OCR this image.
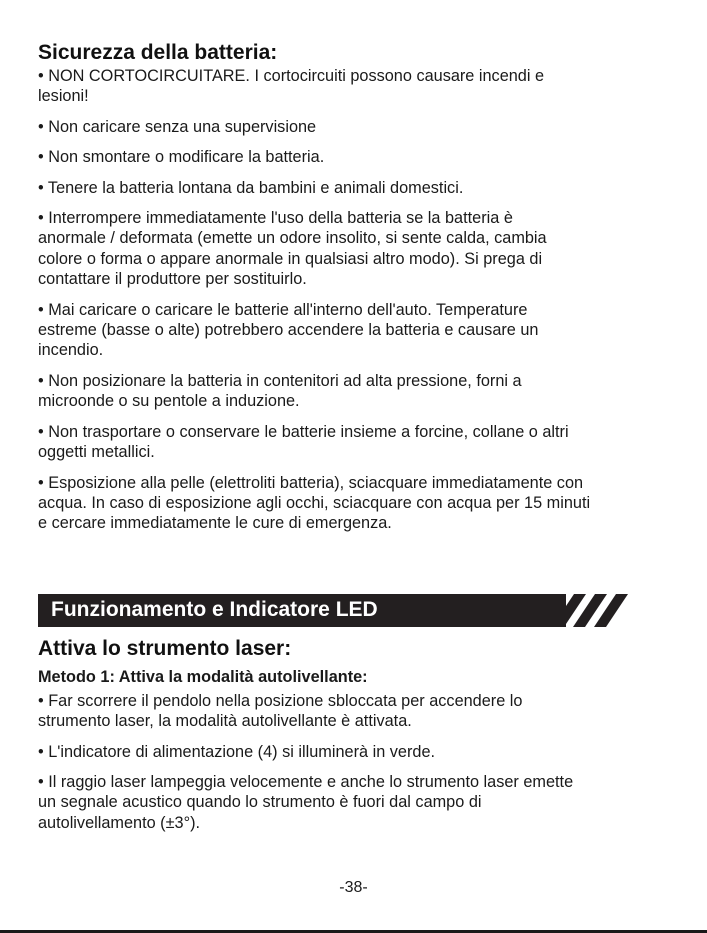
Sicurezza della batteria:

• NON CORTOCIRCUITARE. I cortocircuiti possono causare incendi e
lesioni!

• Non caricare senza una supervisione

• Non smontare o modificare la batteria.

• Tenere la batteria lontana da bambini e animali domestici.

• Interrompere immediatamente l'uso della batteria se la batteria è
anormale / deformata (emette un odore insolito, si sente calda, cambia
colore o forma o appare anormale in qualsiasi altro modo). Si prega di
contattare il produttore per sostituirlo.

• Mai caricare o caricare le batterie all'interno dell'auto. Temperature
estreme (basse o alte) potrebbero accendere la batteria e causare un
incendio.

• Non posizionare la batteria in contenitori ad alta pressione, forni a
microonde o su pentole a induzione.

• Non trasportare o conservare le batterie insieme a forcine, collane o altri
oggetti metallici.

• Esposizione alla pelle (elettroliti batteria), sciacquare immediatamente con
acqua. In caso di esposizione agli occhi, sciacquare con acqua per 15 minuti
e cercare immediatamente le cure di emergenza.

Funzionamento e Indicatore LED
Attiva lo strumento laser:
Metodo 1: Attiva la modalità autolivellante:

• Far scorrere il pendolo nella posizione sbloccata per accendere lo
strumento laser, la modalità autolivellante è attivata.

• L'indicatore di alimentazione (4) si illuminerà in verde.

• Il raggio laser lampeggia velocemente e anche lo strumento laser emette
un segnale acustico quando lo strumento è fuori dal campo di
autolivellamento (±3°).

-38-
